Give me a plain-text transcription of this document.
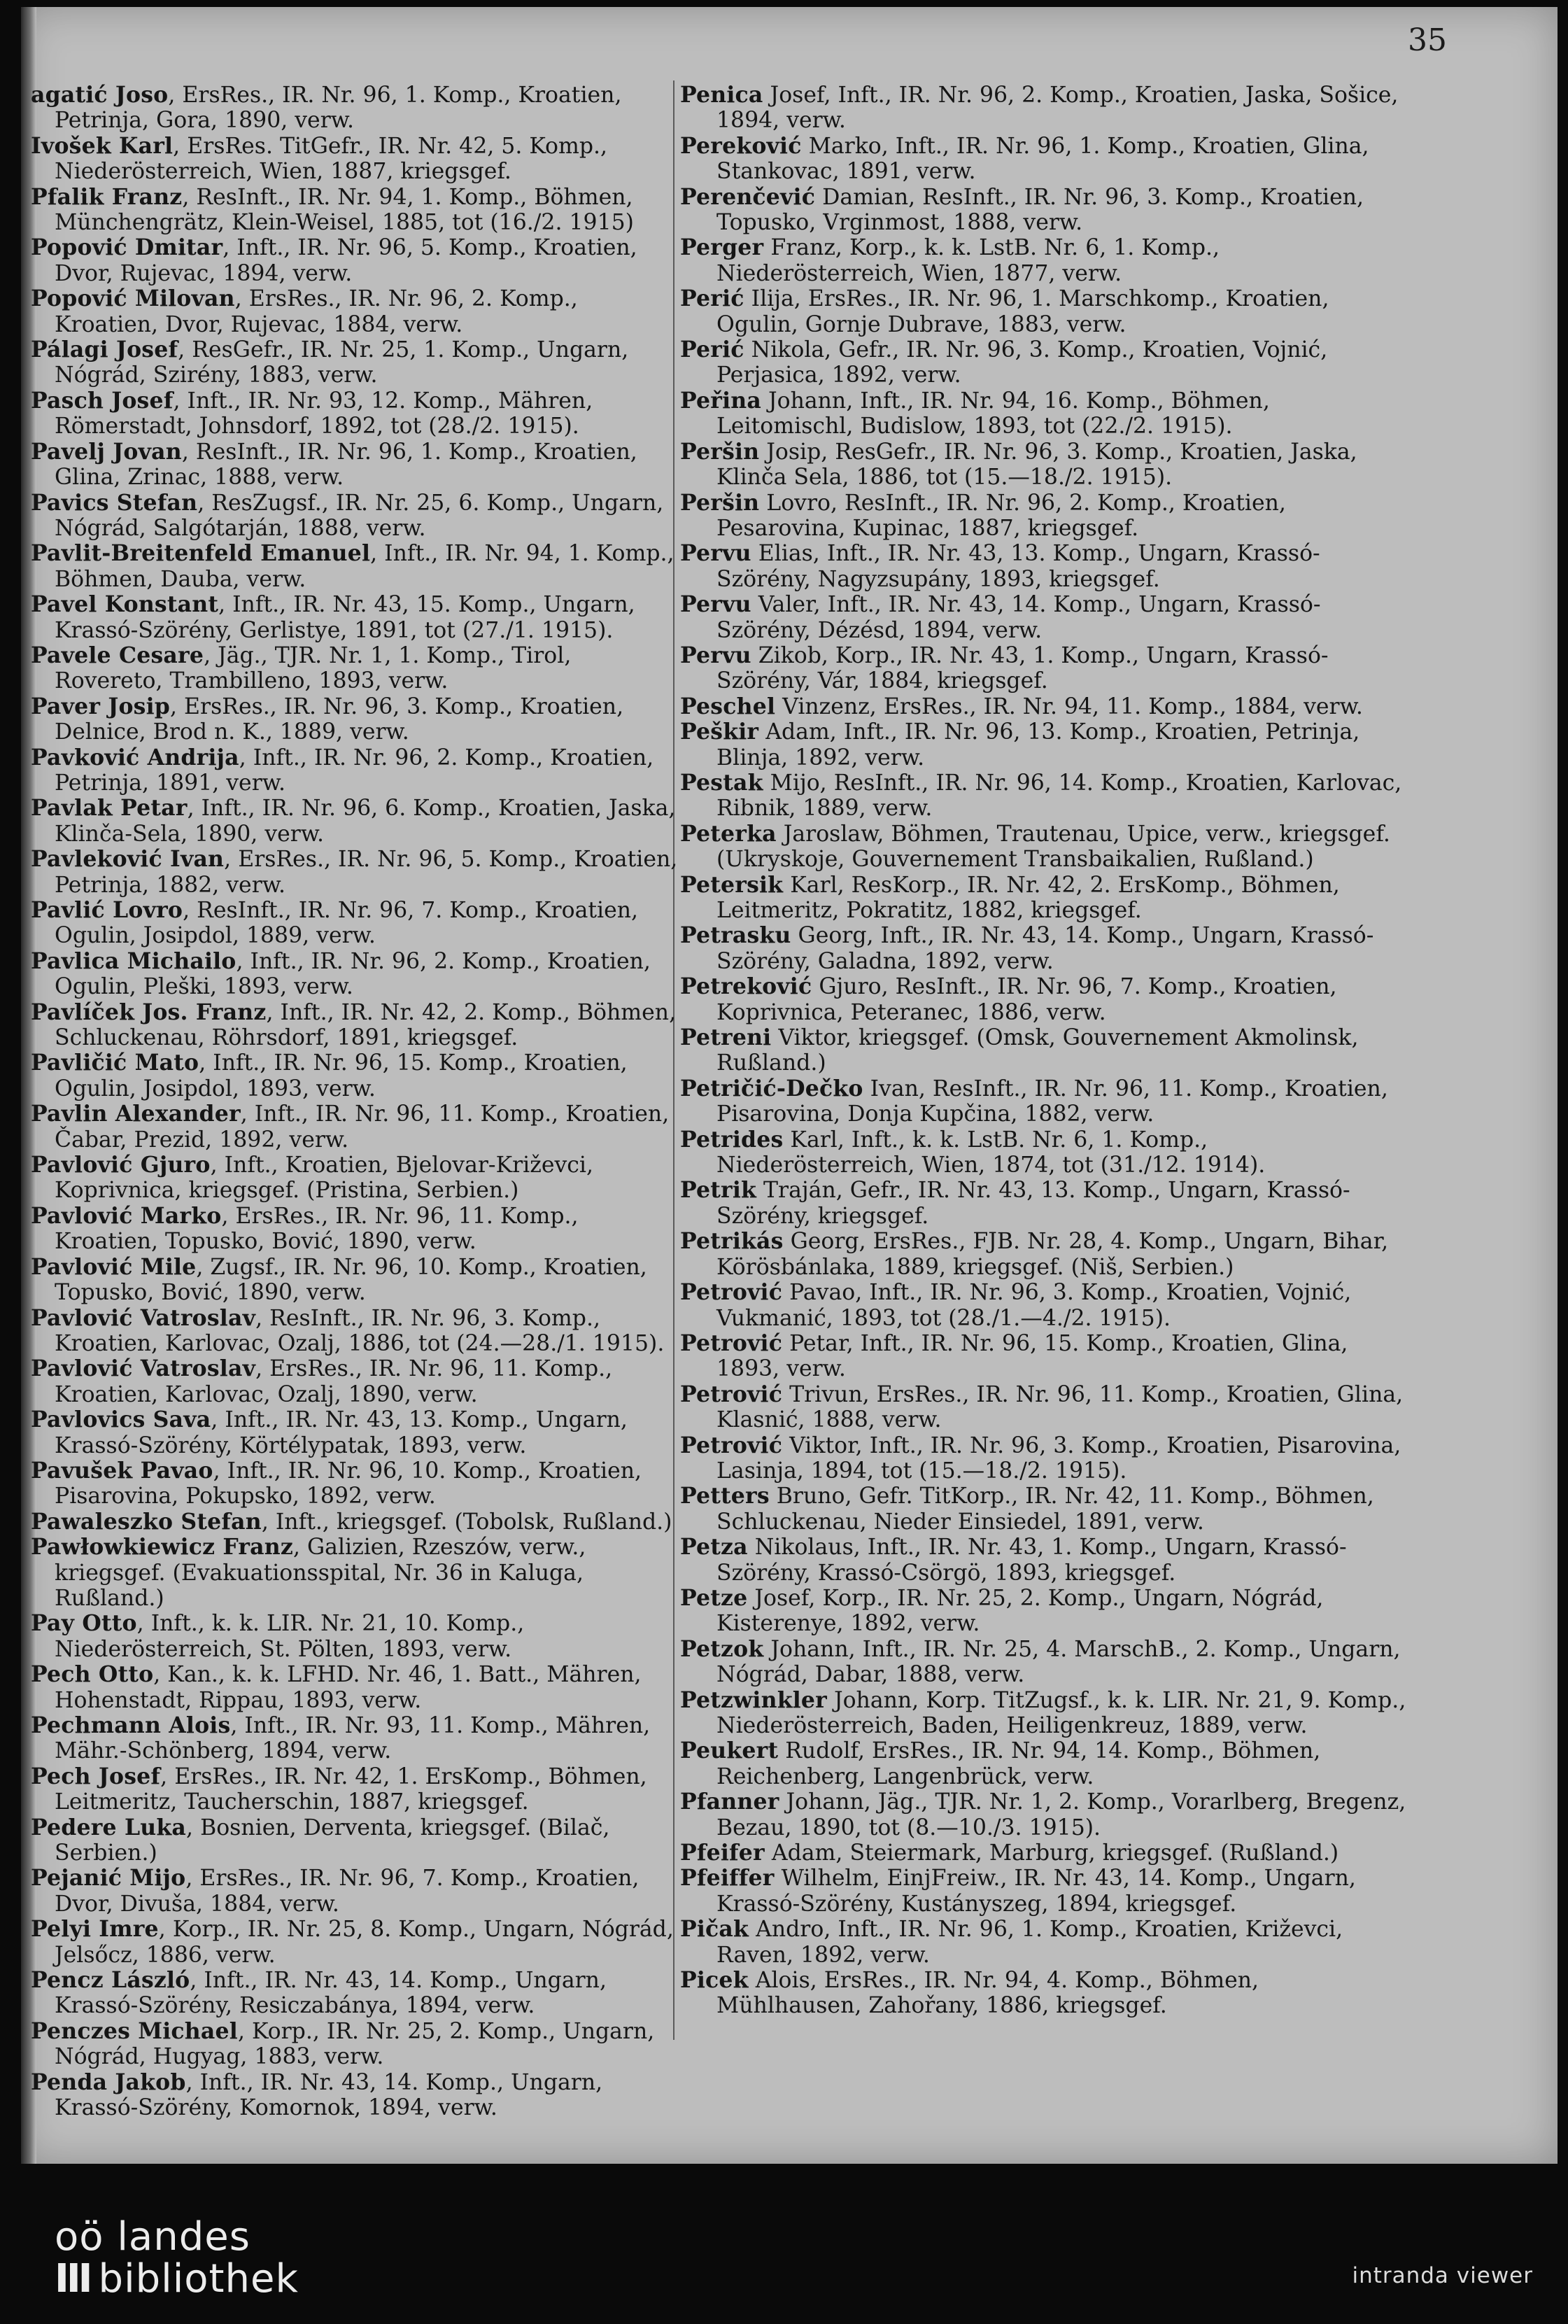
35

agatić Joso, ErsRes., IR. Nr. 96, 1. Komp., Kroatien, Petrinja, Gora, 1890, verw.

Ivošek Karl, ErsRes. TitGefr., IR. Nr. 42, 5. Komp., Niederösterreich, Wien, 1887, kriegsgef.

Pfalik Franz, ResInft., IR. Nr. 94, 1. Komp., Böhmen, Münchengrätz, Klein-Weisel, 1885, tot (16./2. 1915)

Popović Dmitar, Inft., IR. Nr. 96, 5. Komp., Kroatien, Dvor, Rujevac, 1894, verw.

Popović Milovan, ErsRes., IR. Nr. 96, 2. Komp., Kroatien, Dvor, Rujevac, 1884, verw.

Pálagi Josef, ResGefr., IR. Nr. 25, 1. Komp., Ungarn, Nógrád, Szirény, 1883, verw.

Pasch Josef, Inft., IR. Nr. 93, 12. Komp., Mähren, Römerstadt, Johnsdorf, 1892, tot (28./2. 1915).

Pavelj Jovan, ResInft., IR. Nr. 96, 1. Komp., Kroatien, Glina, Zrinac, 1888, verw.

Pavics Stefan, ResZugsf., IR. Nr. 25, 6. Komp., Ungarn, Nógrád, Salgótarján, 1888, verw.

Pavlit-Breitenfeld Emanuel, Inft., IR. Nr. 94, 1. Komp., Böhmen, Dauba, verw.

Pavel Konstant, Inft., IR. Nr. 43, 15. Komp., Ungarn, Krassó-Szörény, Gerlistye, 1891, tot (27./1. 1915).

Pavele Cesare, Jäg., TJR. Nr. 1, 1. Komp., Tirol, Rovereto, Trambilleno, 1893, verw.

Paver Josip, ErsRes., IR. Nr. 96, 3. Komp., Kroatien, Delnice, Brod n. K., 1889, verw.

Pavković Andrija, Inft., IR. Nr. 96, 2. Komp., Kroatien, Petrinja, 1891, verw.

Pavlak Petar, Inft., IR. Nr. 96, 6. Komp., Kroatien, Jaska, Klinča-Sela, 1890, verw.

Pavleković Ivan, ErsRes., IR. Nr. 96, 5. Komp., Kroatien, Petrinja, 1882, verw.

Pavlić Lovro, ResInft., IR. Nr. 96, 7. Komp., Kroatien, Ogulin, Josipdol, 1889, verw.

Pavlica Michailo, Inft., IR. Nr. 96, 2. Komp., Kroatien, Ogulin, Pleški, 1893, verw.

Pavlíček Jos. Franz, Inft., IR. Nr. 42, 2. Komp., Böhmen, Schluckenau, Röhrsdorf, 1891, kriegsgef.

Pavličić Mato, Inft., IR. Nr. 96, 15. Komp., Kroatien, Ogulin, Josipdol, 1893, verw.

Pavlin Alexander, Inft., IR. Nr. 96, 11. Komp., Kroatien, Čabar, Prezid, 1892, verw.

Pavlović Gjuro, Inft., Kroatien, Bjelovar-Križevci, Koprivnica, kriegsgef. (Pristina, Serbien.)

Pavlović Marko, ErsRes., IR. Nr. 96, 11. Komp., Kroatien, Topusko, Bović, 1890, verw.

Pavlović Mile, Zugsf., IR. Nr. 96, 10. Komp., Kroatien, Topusko, Bović, 1890, verw.

Pavlović Vatroslav, ResInft., IR. Nr. 96, 3. Komp., Kroatien, Karlovac, Ozalj, 1886, tot (24.—28./1. 1915).

Pavlović Vatroslav, ErsRes., IR. Nr. 96, 11. Komp., Kroatien, Karlovac, Ozalj, 1890, verw.

Pavlovics Sava, Inft., IR. Nr. 43, 13. Komp., Ungarn, Krassó-Szörény, Körtélypatak, 1893, verw.

Pavušek Pavao, Inft., IR. Nr. 96, 10. Komp., Kroatien, Pisarovina, Pokupsko, 1892, verw.

Pawaleszko Stefan, Inft., kriegsgef. (Tobolsk, Rußland.)

Pawłowkiewicz Franz, Galizien, Rzeszów, verw., kriegsgef. (Evakuationsspital, Nr. 36 in Kaluga, Rußland.)

Pay Otto, Inft., k. k. LIR. Nr. 21, 10. Komp., Niederösterreich, St. Pölten, 1893, verw.

Pech Otto, Kan., k. k. LFHD. Nr. 46, 1. Batt., Mähren, Hohenstadt, Rippau, 1893, verw.

Pechmann Alois, Inft., IR. Nr. 93, 11. Komp., Mähren, Mähr.-Schönberg, 1894, verw.

Pech Josef, ErsRes., IR. Nr. 42, 1. ErsKomp., Böhmen, Leitmeritz, Taucherschin, 1887, kriegsgef.

Pedere Luka, Bosnien, Derventa, kriegsgef. (Bilač, Serbien.)

Pejanić Mijo, ErsRes., IR. Nr. 96, 7. Komp., Kroatien, Dvor, Divuša, 1884, verw.

Pelyi Imre, Korp., IR. Nr. 25, 8. Komp., Ungarn, Nógrád, Jelsőcz, 1886, verw.

Pencz László, Inft., IR. Nr. 43, 14. Komp., Ungarn, Krassó-Szörény, Resiczabánya, 1894, verw.

Penczes Michael, Korp., IR. Nr. 25, 2. Komp., Ungarn, Nógrád, Hugyag, 1883, verw.

Penda Jakob, Inft., IR. Nr. 43, 14. Komp., Ungarn, Krassó-Szörény, Komornok, 1894, verw.

Penica Josef, Inft., IR. Nr. 96, 2. Komp., Kroatien, Jaska, Sošice, 1894, verw.

Pereković Marko, Inft., IR. Nr. 96, 1. Komp., Kroatien, Glina, Stankovac, 1891, verw.

Perenčević Damian, ResInft., IR. Nr. 96, 3. Komp., Kroatien, Topusko, Vrginmost, 1888, verw.

Perger Franz, Korp., k. k. LstB. Nr. 6, 1. Komp., Niederösterreich, Wien, 1877, verw.

Perić Ilija, ErsRes., IR. Nr. 96, 1. Marschkomp., Kroatien, Ogulin, Gornje Dubrave, 1883, verw.

Perić Nikola, Gefr., IR. Nr. 96, 3. Komp., Kroatien, Vojnić, Perjasica, 1892, verw.

Peřina Johann, Inft., IR. Nr. 94, 16. Komp., Böhmen, Leitomischl, Budislow, 1893, tot (22./2. 1915).

Peršin Josip, ResGefr., IR. Nr. 96, 3. Komp., Kroatien, Jaska, Klinča Sela, 1886, tot (15.—18./2. 1915).

Peršin Lovro, ResInft., IR. Nr. 96, 2. Komp., Kroatien, Pesarovina, Kupinac, 1887, kriegsgef.

Pervu Elias, Inft., IR. Nr. 43, 13. Komp., Ungarn, Krassó-Szörény, Nagyzsupány, 1893, kriegsgef.

Pervu Valer, Inft., IR. Nr. 43, 14. Komp., Ungarn, Krassó-Szörény, Dézésd, 1894, verw.

Pervu Zikob, Korp., IR. Nr. 43, 1. Komp., Ungarn, Krassó-Szörény, Vár, 1884, kriegsgef.

Peschel Vinzenz, ErsRes., IR. Nr. 94, 11. Komp., 1884, verw.

Peškir Adam, Inft., IR. Nr. 96, 13. Komp., Kroatien, Petrinja, Blinja, 1892, verw.

Pestak Mijo, ResInft., IR. Nr. 96, 14. Komp., Kroatien, Karlovac, Ribnik, 1889, verw.

Peterka Jaroslaw, Böhmen, Trautenau, Upice, verw., kriegsgef. (Ukryskoje, Gouvernement Transbaikalien, Rußland.)

Petersik Karl, ResKorp., IR. Nr. 42, 2. ErsKomp., Böhmen, Leitmeritz, Pokratitz, 1882, kriegsgef.

Petrasku Georg, Inft., IR. Nr. 43, 14. Komp., Ungarn, Krassó-Szörény, Galadna, 1892, verw.

Petreković Gjuro, ResInft., IR. Nr. 96, 7. Komp., Kroatien, Koprivnica, Peteranec, 1886, verw.

Petreni Viktor, kriegsgef. (Omsk, Gouvernement Akmolinsk, Rußland.)

Petričić-Dečko Ivan, ResInft., IR. Nr. 96, 11. Komp., Kroatien, Pisarovina, Donja Kupčina, 1882, verw.

Petrides Karl, Inft., k. k. LstB. Nr. 6, 1. Komp., Niederösterreich, Wien, 1874, tot (31./12. 1914).

Petrik Traján, Gefr., IR. Nr. 43, 13. Komp., Ungarn, Krassó-Szörény, kriegsgef.

Petrikás Georg, ErsRes., FJB. Nr. 28, 4. Komp., Ungarn, Bihar, Körösbánlaka, 1889, kriegsgef. (Niš, Serbien.)

Petrović Pavao, Inft., IR. Nr. 96, 3. Komp., Kroatien, Vojnić, Vukmanić, 1893, tot (28./1.—4./2. 1915).

Petrović Petar, Inft., IR. Nr. 96, 15. Komp., Kroatien, Glina, 1893, verw.

Petrović Trivun, ErsRes., IR. Nr. 96, 11. Komp., Kroatien, Glina, Klasnić, 1888, verw.

Petrović Viktor, Inft., IR. Nr. 96, 3. Komp., Kroatien, Pisarovina, Lasinja, 1894, tot (15.—18./2. 1915).

Petters Bruno, Gefr. TitKorp., IR. Nr. 42, 11. Komp., Böhmen, Schluckenau, Nieder Einsiedel, 1891, verw.

Petza Nikolaus, Inft., IR. Nr. 43, 1. Komp., Ungarn, Krassó-Szörény, Krassó-Csörgö, 1893, kriegsgef.

Petze Josef, Korp., IR. Nr. 25, 2. Komp., Ungarn, Nógrád, Kisterenye, 1892, verw.

Petzok Johann, Inft., IR. Nr. 25, 4. MarschB., 2. Komp., Ungarn, Nógrád, Dabar, 1888, verw.

Petzwinkler Johann, Korp. TitZugsf., k. k. LIR. Nr. 21, 9. Komp., Niederösterreich, Baden, Heiligenkreuz, 1889, verw.

Peukert Rudolf, ErsRes., IR. Nr. 94, 14. Komp., Böhmen, Reichenberg, Langenbrück, verw.

Pfanner Johann, Jäg., TJR. Nr. 1, 2. Komp., Vorarlberg, Bregenz, Bezau, 1890, tot (8.—10./3. 1915).

Pfeifer Adam, Steiermark, Marburg, kriegsgef. (Rußland.)

Pfeiffer Wilhelm, EinjFreiw., IR. Nr. 43, 14. Komp., Ungarn, Krassó-Szörény, Kustányszeg, 1894, kriegsgef.

Pičak Andro, Inft., IR. Nr. 96, 1. Komp., Kroatien, Križevci, Raven, 1892, verw.

Picek Alois, ErsRes., IR. Nr. 94, 4. Komp., Böhmen, Mühlhausen, Zahořany, 1886, kriegsgef.

oö landes
III bibliothek	intranda viewer
